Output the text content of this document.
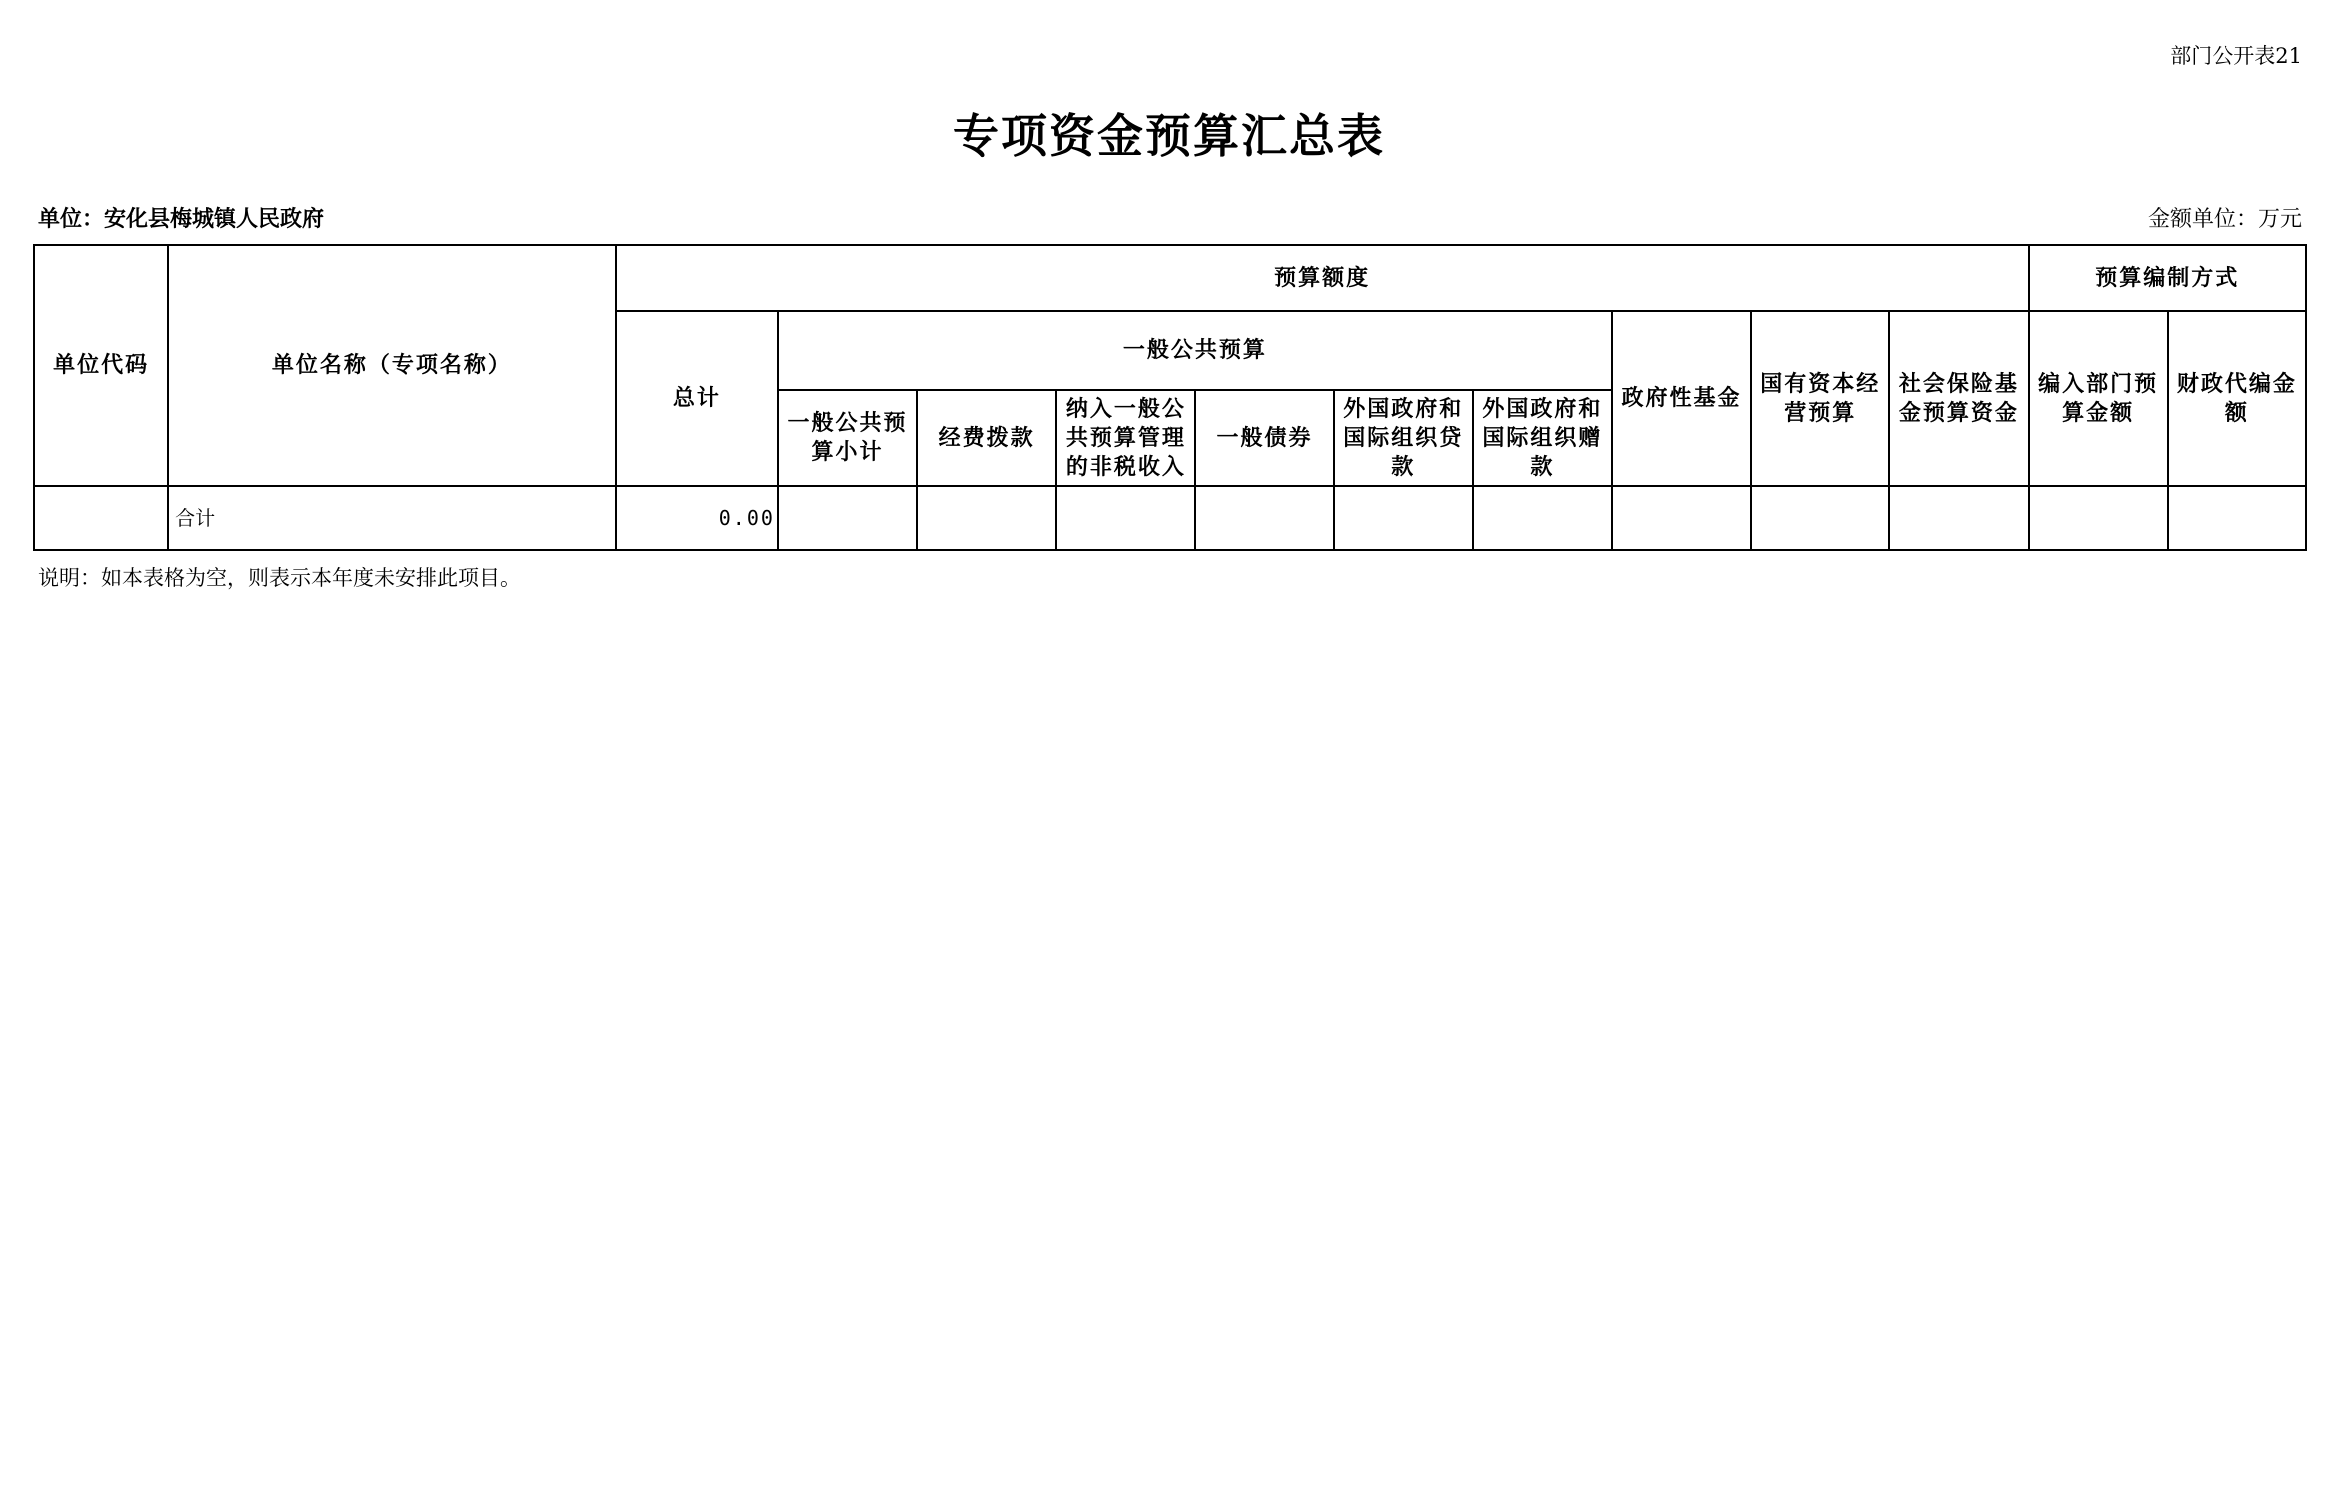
部门公开表21
专项资金预算汇总表
单位：安化县梅城镇人民政府	金额单位：万元
单位代码	单位名称（专项名称）	预算额度										预算编制方式	
		总计	一般公共预算						政府性基金	国有资本经营预算	社会保险基金预算资金	编入部门预算金额	财政代编金额
			一般公共预算小计	经费拨款	纳入一般公共预算管理的非税收入	一般债券	外国政府和国际组织贷款	外国政府和国际组织赠款					
	合计	0.00											
说明：如本表格为空，则表示本年度未安排此项目。
